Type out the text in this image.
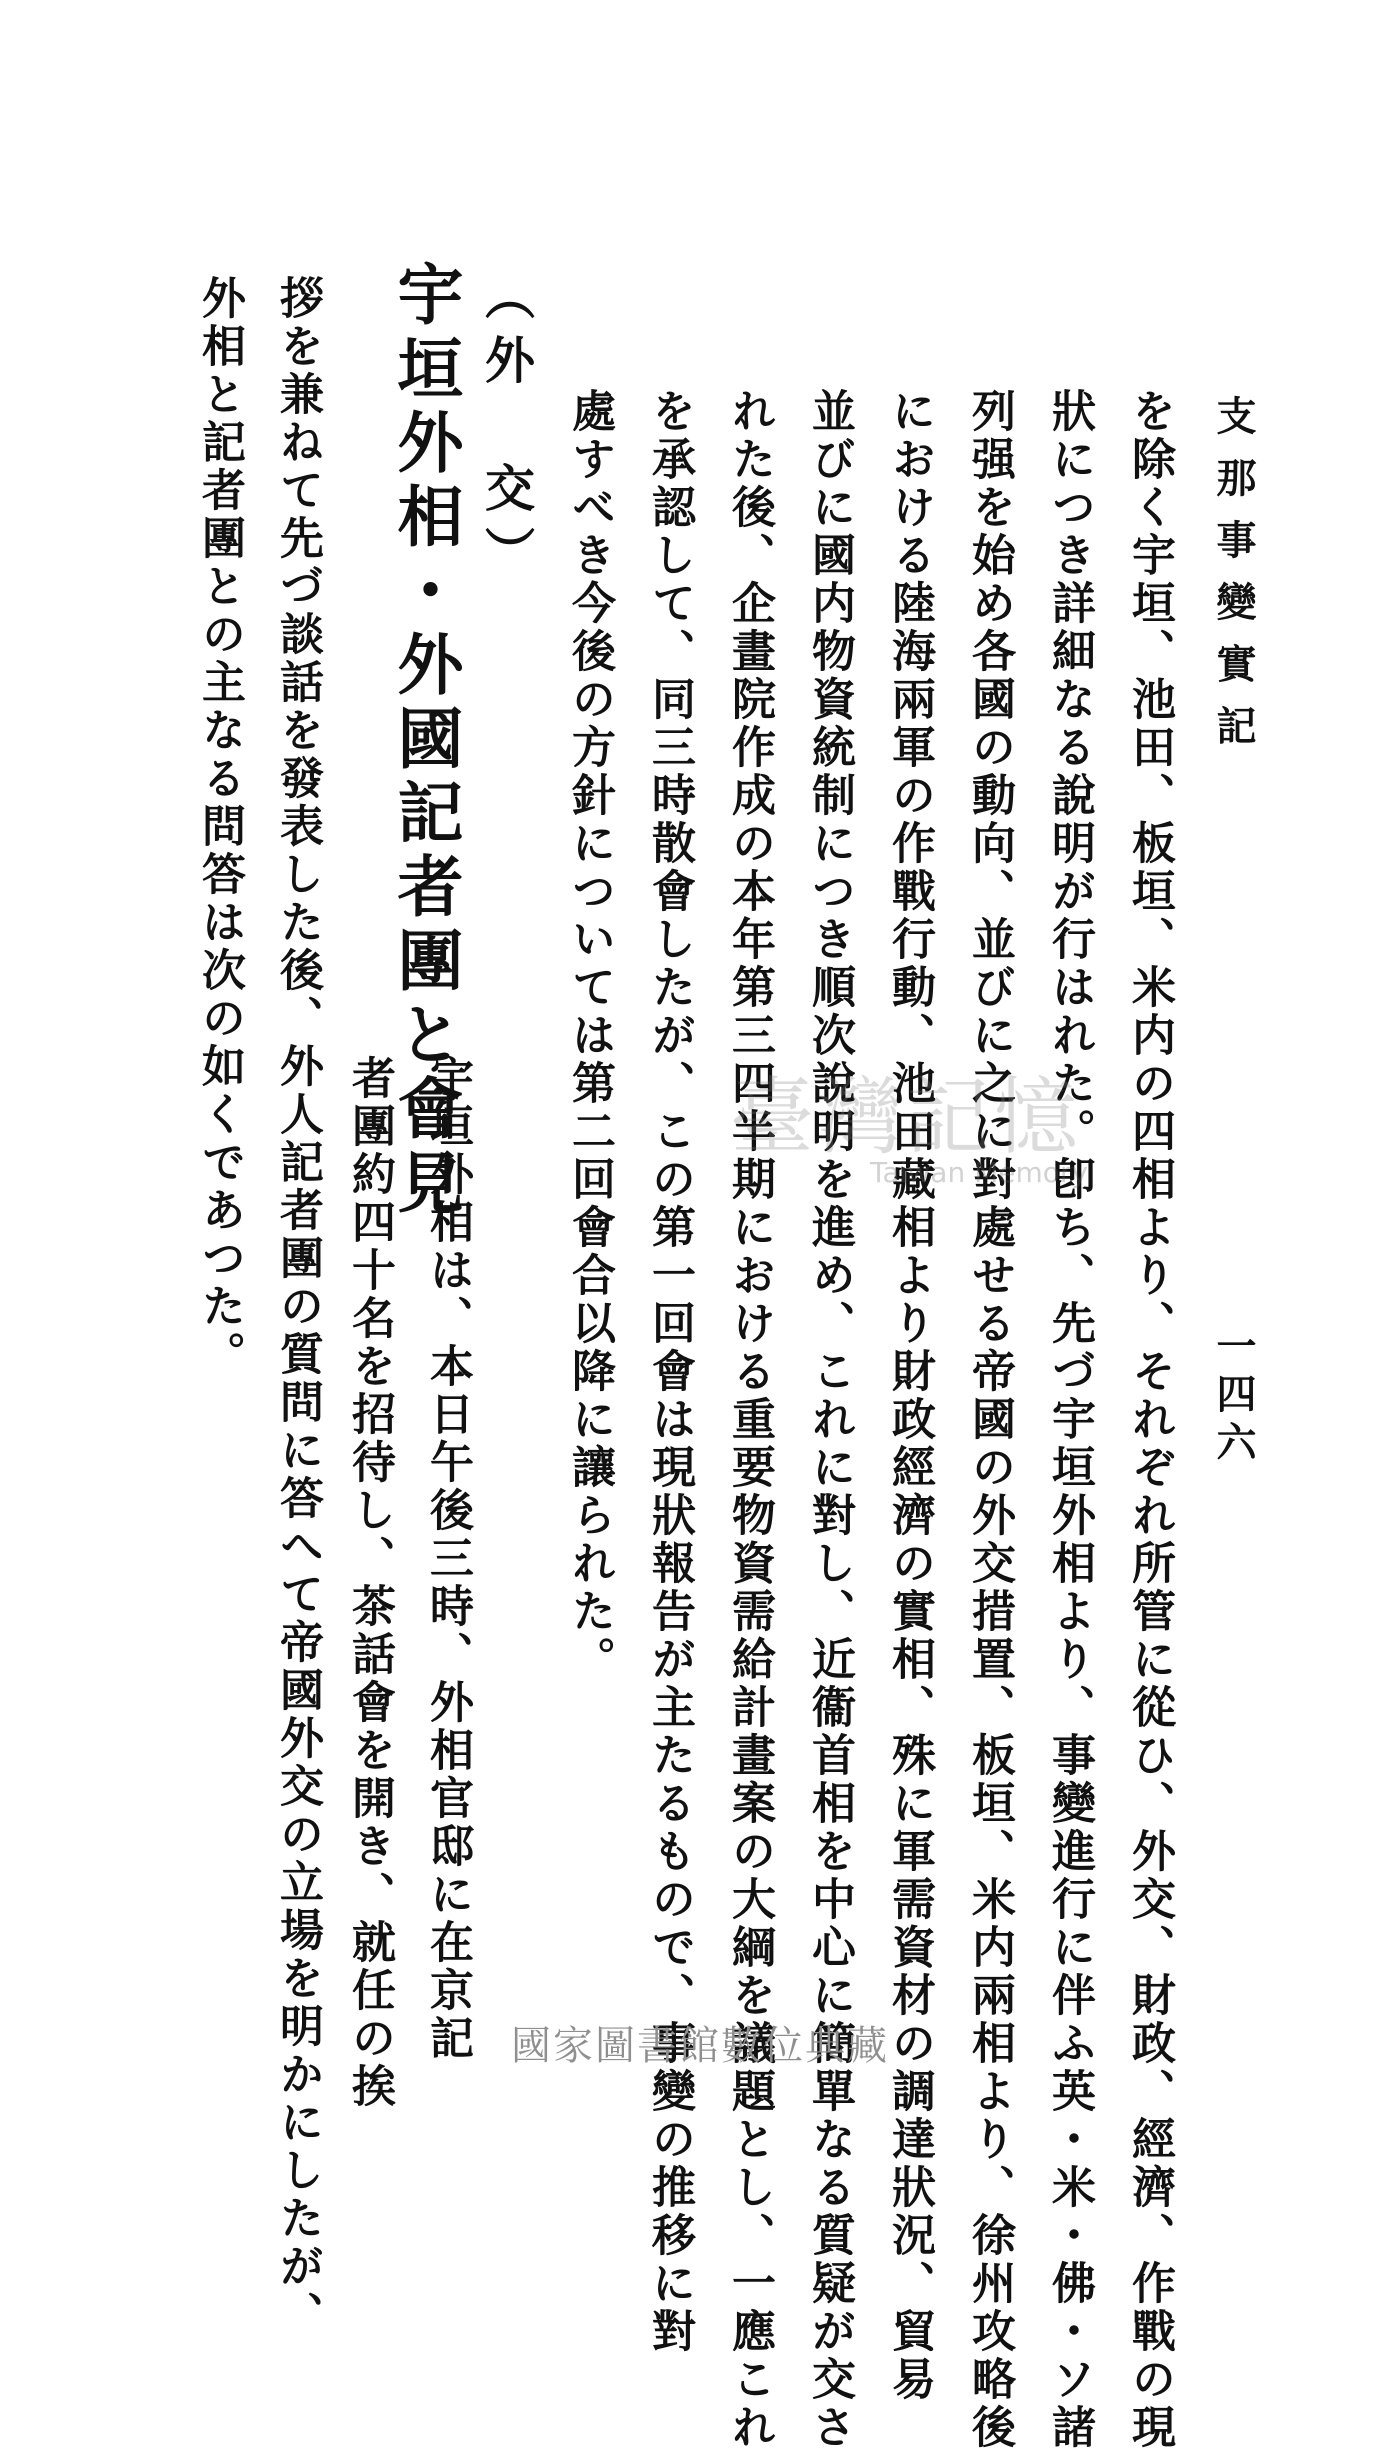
支那事變實記
一四六
を除く宇垣、池田、板垣、米内の四相より、それぞれ所管に從ひ、外交、財政、經濟、作戰の現
狀につき詳細なる說明が行はれた。卽ち、先づ宇垣外相より、事變進行に伴ふ英・米・佛・ソ諸
列强を始め各國の動向、並びに之に對處せる帝國の外交措置、板垣、米内兩相より、徐州攻略後
における陸海兩軍の作戰行動、池田藏相より財政經濟の實相、殊に軍需資材の調達狀況、貿易
並びに國内物資統制につき順次說明を進め、これに對し、近衞首相を中心に簡單なる質疑が交さ
れた後、企畫院作成の本年第三四半期における重要物資需給計畫案の大綱を議題とし、一應これ
を承認して、同三時散會したが、この第一回會は現狀報告が主たるもので、事變の推移に對
處すべき今後の方針については第二回會合以降に讓られた。
（外　交）
宇垣外相・外國記者團と會見
宇垣外相は、本日午後三時、外相官邸に在京記
者團約四十名を招待し、茶話會を開き、就任の挨
拶を兼ねて先づ談話を發表した後、外人記者團の質問に答へて帝國外交の立場を明かにしたが、
外相と記者團との主なる問答は次の如くであつた。	臺灣記憶
Taiwan Memory
國家圖書館數位典藏
